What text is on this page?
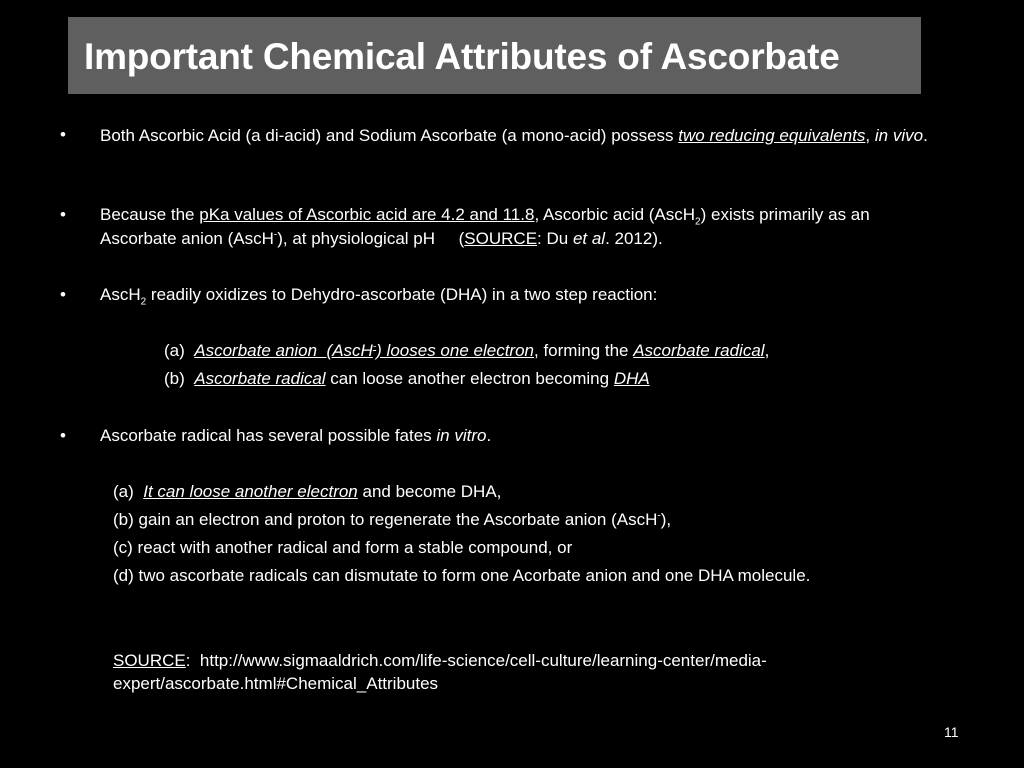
Important Chemical Attributes of Ascorbate
• Both Ascorbic Acid (a di-acid) and Sodium Ascorbate (a mono-acid) possess two reducing equivalents, in vivo.
• Because the pKa values of Ascorbic acid are 4.2 and 11.8, Ascorbic acid (AscH$_2$) exists primarily as an Ascorbate anion (AscH-), at physiological pH     (SOURCE: Du et al. 2012).
• AscH$_2$ readily oxidizes to Dehydro-ascorbate (DHA) in a two step reaction:
(a)  Ascorbate anion  (AscH-) looses one electron, forming the Ascorbate radical,
(b)  Ascorbate radical can loose another electron becoming DHA
• Ascorbate radical has several possible fates in vitro.
(a)  It can loose another electron and become DHA,
(b) gain an electron and proton to regenerate the Ascorbate anion (AscH-),
(c) react with another radical and form a stable compound, or
(d) two ascorbate radicals can dismutate to form one Acorbate anion and one DHA molecule.
SOURCE:  http://www.sigmaaldrich.com/life-science/cell-culture/learning-center/media-
expert/ascorbate.html#Chemical_Attributes
11
